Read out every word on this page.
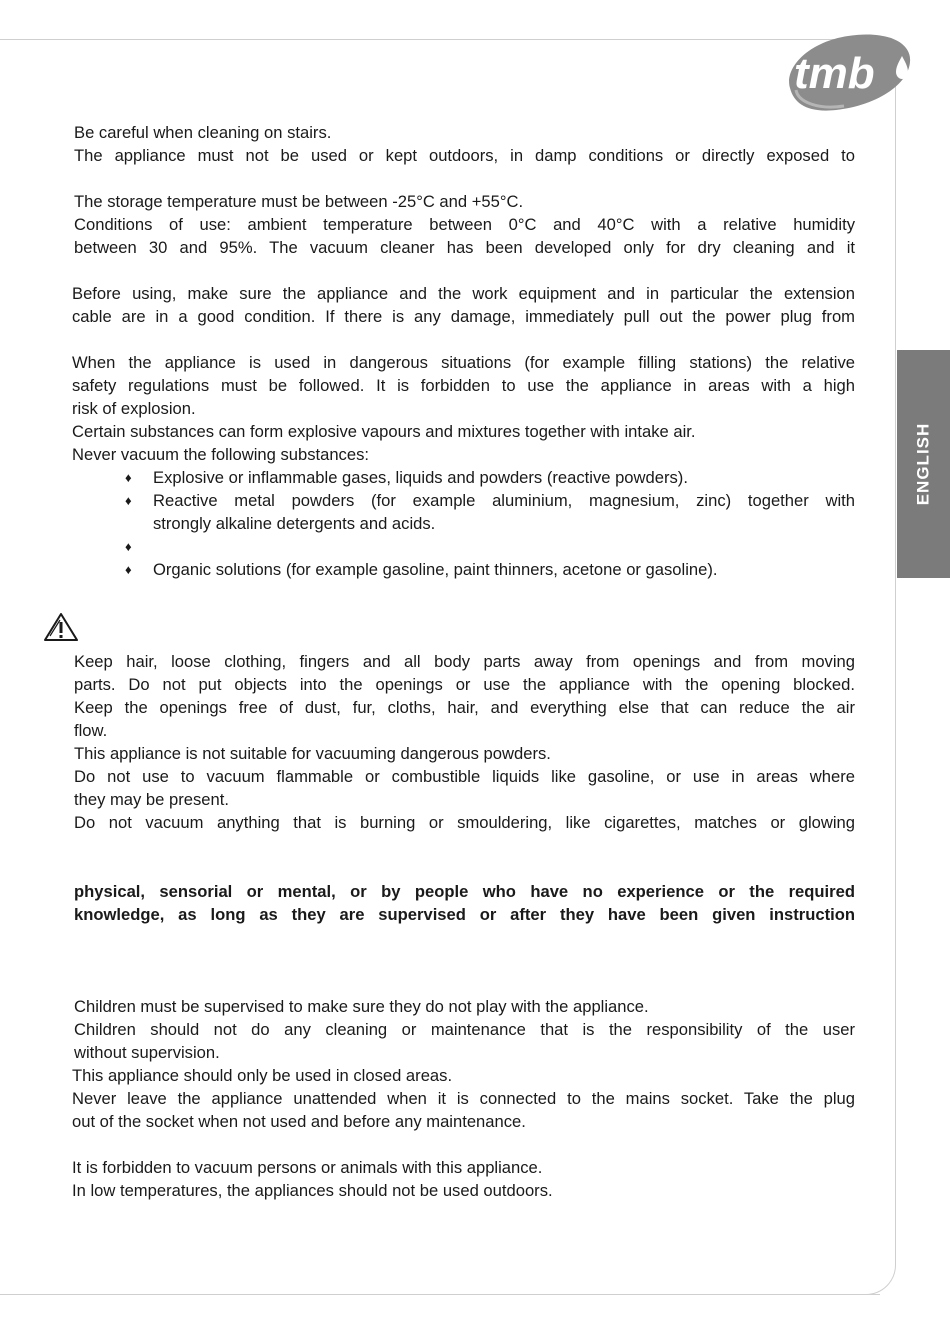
tmb
ENGLISH
Be careful when cleaning on stairs.
The appliance must not be used or kept outdoors, in damp conditions or directly exposed to
The storage temperature must be between -25°C and +55°C.
Conditions of use: ambient temperature between 0°C and 40°C with a relative humidity
between 30 and 95%. The vacuum cleaner has been developed only for dry cleaning and it
Before using, make sure the appliance and the work equipment and in particular the extension
cable are in a good condition. If there is any damage, immediately pull out the power plug from
When the appliance is used in dangerous situations (for example filling stations) the relative
safety regulations must be followed. It is forbidden to use the appliance in areas with a high
risk of explosion.
Certain substances can form explosive vapours and mixtures together with intake air.
Never vacuum the following substances:
♦ Explosive or inflammable gases, liquids and powders (reactive powders).
♦ Reactive metal powders (for example aluminium, magnesium, zinc) together with
strongly alkaline detergents and acids.
♦
♦ Organic solutions (for example gasoline, paint thinners, acetone or gasoline).
Keep hair, loose clothing, fingers and all body parts away from openings and from moving
parts. Do not put objects into the openings or use the appliance with the opening blocked.
Keep the openings free of dust, fur, cloths, hair, and everything else that can reduce the air
flow.
This appliance is not suitable for vacuuming dangerous powders.
Do not use to vacuum flammable or combustible liquids like gasoline, or use in areas where
they may be present.
Do not vacuum anything that is burning or smouldering, like cigarettes, matches or glowing
physical, sensorial or mental, or by people who have no experience or the required
knowledge, as long as they are supervised or after they have been given instruction
Children must be supervised to make sure they do not play with the appliance.
Children should not do any cleaning or maintenance that is the responsibility of the user
without supervision.
This appliance should only be used in closed areas.
Never leave the appliance unattended when it is connected to the mains socket. Take the plug
out of the socket when not used and before any maintenance.
It is forbidden to vacuum persons or animals with this appliance.
In low temperatures, the appliances should not be used outdoors.
